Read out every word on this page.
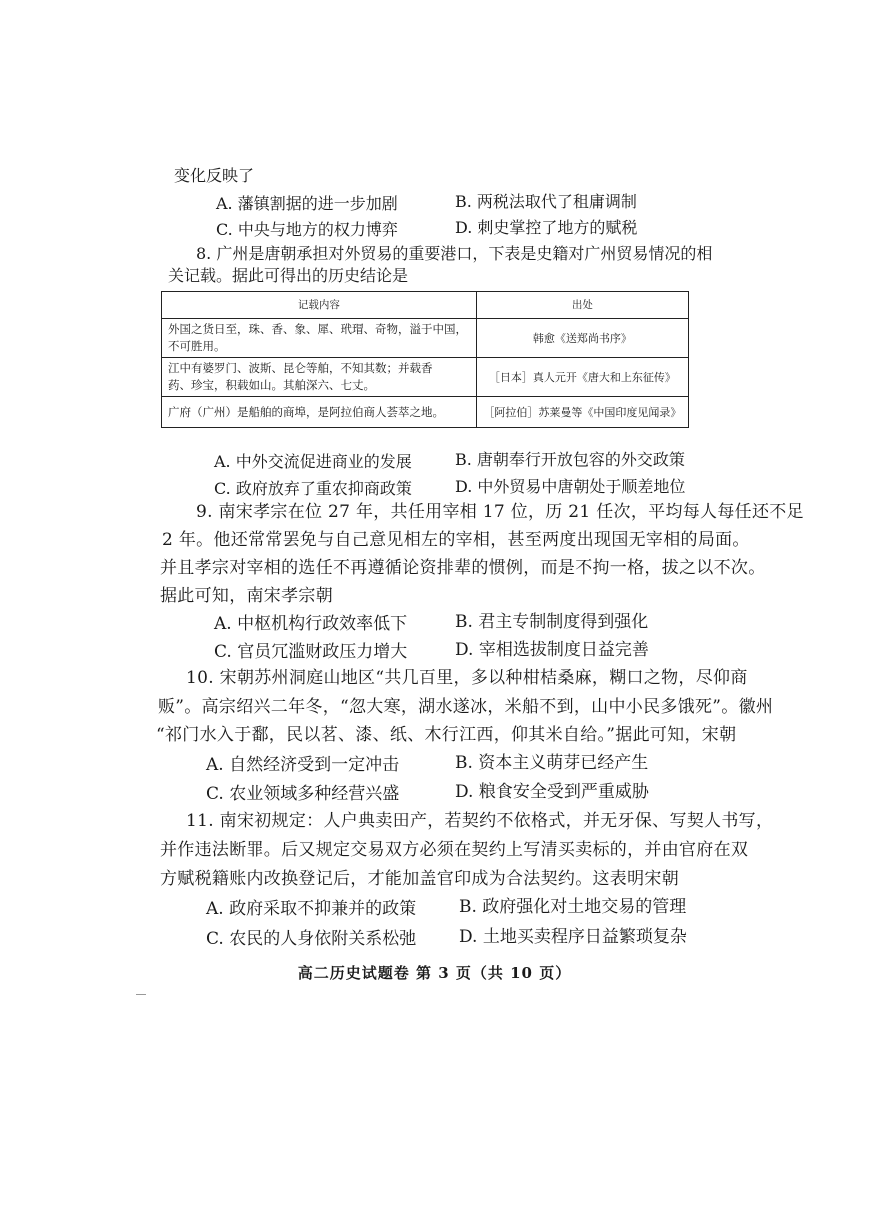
变化反映了
A. 藩镇割据的进一步加剧	B. 两税法取代了租庸调制
C. 中央与地方的权力博弈	D. 刺史掌控了地方的赋税
8. 广州是唐朝承担对外贸易的重要港口，下表是史籍对广州贸易情况的相
关记载。据此可得出的历史结论是
记载内容	出处

外国之货日至，珠、香、象、犀、玳瑁、奇物，溢于中国，
不可胜用。	韩愈《送郑尚书序》

江中有婆罗门、波斯、昆仑等舶，不知其数；并载香
药、珍宝，积载如山。其舶深六、七丈。	［日本］真人元开《唐大和上东征传》

广府（广州）是船舶的商埠，是阿拉伯商人荟萃之地。	［阿拉伯］苏莱曼等《中国印度见闻录》
A. 中外交流促进商业的发展	B. 唐朝奉行开放包容的外交政策
C. 政府放弃了重农抑商政策	D. 中外贸易中唐朝处于顺差地位
9. 南宋孝宗在位 27 年，共任用宰相 17 位，历 21 任次，平均每人每任还不足
2 年。他还常常罢免与自己意见相左的宰相，甚至两度出现国无宰相的局面。
并且孝宗对宰相的选任不再遵循论资排辈的惯例，而是不拘一格，拔之以不次。
据此可知，南宋孝宗朝
A. 中枢机构行政效率低下	B. 君主专制制度得到强化
C. 官员冗滥财政压力增大	D. 宰相选拔制度日益完善
10. 宋朝苏州洞庭山地区“共几百里，多以种柑桔桑麻，糊口之物，尽仰商
贩”。高宗绍兴二年冬，“忽大寒，湖水遂冰，米船不到，山中小民多饿死”。徽州
“祁门水入于鄱，民以茗、漆、纸、木行江西，仰其米自给。”据此可知，宋朝
A. 自然经济受到一定冲击	B. 资本主义萌芽已经产生
C. 农业领域多种经营兴盛	D. 粮食安全受到严重威胁
11. 南宋初规定：人户典卖田产，若契约不依格式，并无牙保、写契人书写，
并作违法断罪。后又规定交易双方必须在契约上写清买卖标的，并由官府在双
方赋税籍账内改换登记后，才能加盖官印成为合法契约。这表明宋朝
A. 政府采取不抑兼并的政策	B. 政府强化对土地交易的管理
C. 农民的人身依附关系松弛	D. 土地买卖程序日益繁琐复杂
高二历史试题卷 第 3 页（共 10 页）
